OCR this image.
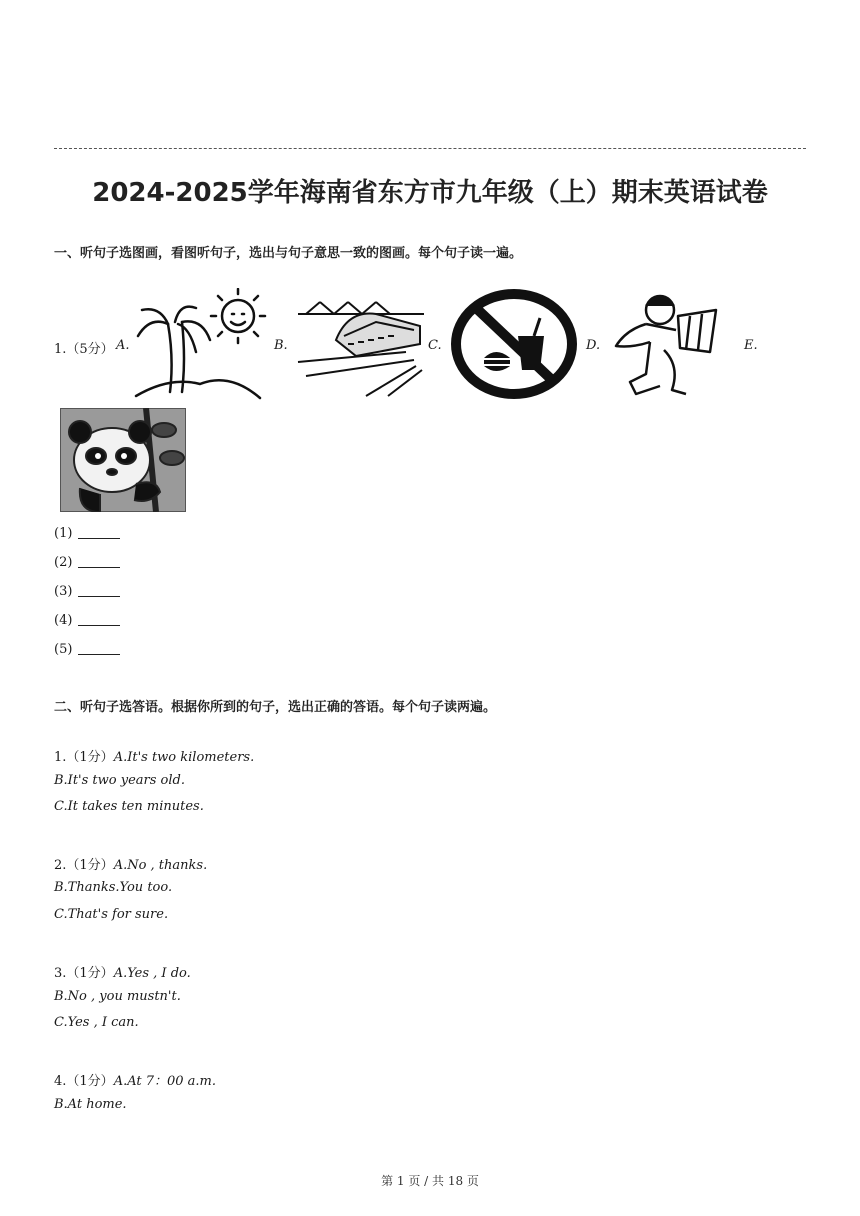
2024-2025学年海南省东方市九年级（上）期末英语试卷
一、听句子选图画，看图听句子，选出与句子意思一致的图画。每个句子读一遍。
1.（5分） A.	B.	C.	D.	E.
(1)
(2)
(3)
(4)
(5)
二、听句子选答语。根据你所到的句子，选出正确的答语。每个句子读两遍。
1.（1分）A.It's two kilometers.
B.It's two years old.
C.It takes ten minutes.
2.（1分）A.No , thanks.
B.Thanks.You too.
C.That's for sure.
3.（1分）A.Yes , I do.
B.No , you mustn't.
C.Yes , I can.
4.（1分）A.At 7：00 a.m.
B.At home.
第 1 页 / 共 18 页
